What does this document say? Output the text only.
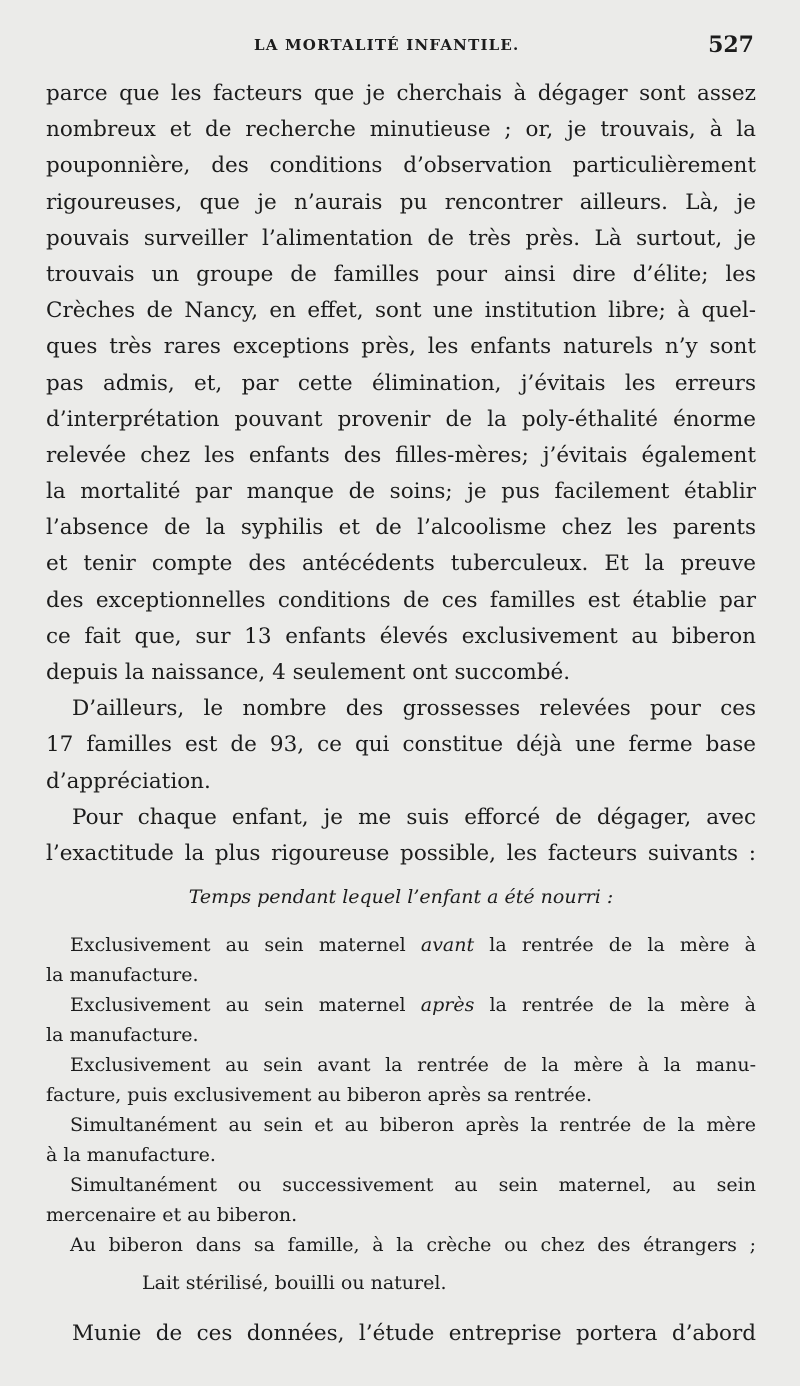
LA MORTALITÉ INFANTILE.	527
parce que les facteurs que je cherchais à dégager sont assez
nombreux et de recherche minutieuse ; or, je trouvais, à la
pouponnière, des conditions d’observation particulièrement
rigoureuses, que je n’aurais pu rencontrer ailleurs. Là, je
pouvais surveiller l’alimentation de très près. Là surtout, je
trouvais un groupe de familles pour ainsi dire d’élite; les
Crèches de Nancy, en effet, sont une institution libre; à quel-
ques très rares exceptions près, les enfants naturels n’y sont
pas admis, et, par cette élimination, j’évitais les erreurs
d’interprétation pouvant provenir de la poly-éthalité énorme
relevée chez les enfants des filles-mères; j’évitais également
la mortalité par manque de soins; je pus facilement établir
l’absence de la syphilis et de l’alcoolisme chez les parents
et tenir compte des antécédents tuberculeux. Et la preuve
des exceptionnelles conditions de ces familles est établie par
ce fait que, sur 13 enfants élevés exclusivement au biberon
depuis la naissance, 4 seulement ont succombé.
D’ailleurs, le nombre des grossesses relevées pour ces
17 familles est de 93, ce qui constitue déjà une ferme base
d’appréciation.
Pour chaque enfant, je me suis efforcé de dégager, avec
l’exactitude la plus rigoureuse possible, les facteurs suivants :
Temps pendant lequel l’enfant a été nourri :
Exclusivement au sein maternel avant la rentrée de la mère à
la manufacture.
Exclusivement au sein maternel après la rentrée de la mère à
la manufacture.
Exclusivement au sein avant la rentrée de la mère à la manu-
facture, puis exclusivement au biberon après sa rentrée.
Simultanément au sein et au biberon après la rentrée de la mère
à la manufacture.
Simultanément ou successivement au sein maternel, au sein
mercenaire et au biberon.
Au biberon dans sa famille, à la crèche ou chez des étrangers ;
Lait stérilisé, bouilli ou naturel.
Munie de ces données, l’étude entreprise portera d’abord
